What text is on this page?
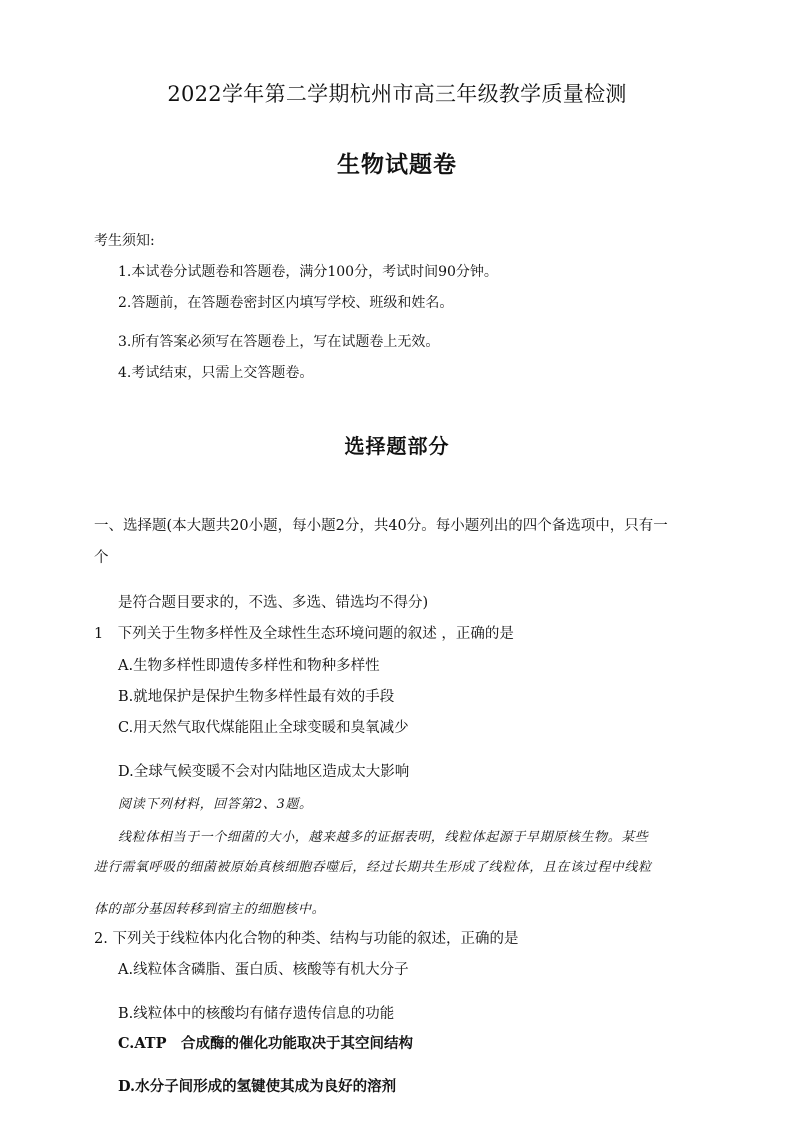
2022学年第二学期杭州市高三年级教学质量检测
生物试题卷
考生须知:
1.本试卷分试题卷和答题卷，满分100分，考试时间90分钟。
2.答题前，在答题卷密封区内填写学校、班级和姓名。
3.所有答案必须写在答题卷上，写在试题卷上无效。
4.考试结束，只需上交答题卷。
选择题部分
一、选择题(本大题共20小题，每小题2分，共40分。每小题列出的四个备选项中，只有一
个
是符合题目要求的，不选、多选、错选均不得分)
1　下列关于生物多样性及全球性生态环境问题的叙述 ，正确的是
A.生物多样性即遗传多样性和物种多样性
B.就地保护是保护生物多样性最有效的手段
C.用天然气取代煤能阻止全球变暖和臭氧减少
D.全球气候变暖不会对内陆地区造成太大影响
阅读下列材料，回答第2、3题。
线粒体相当于一个细菌的大小，越来越多的证据表明，线粒体起源于早期原核生物。某些
进行需氧呼吸的细菌被原始真核细胞吞噬后，经过长期共生形成了线粒体，且在该过程中线粒
体的部分基因转移到宿主的细胞核中。
2. 下列关于线粒体内化合物的种类、结构与功能的叙述，正确的是
A.线粒体含磷脂、蛋白质、核酸等有机大分子
B.线粒体中的核酸均有储存遗传信息的功能
C.ATP　合成酶的催化功能取决于其空间结构
D.水分子间形成的氢键使其成为良好的溶剂
